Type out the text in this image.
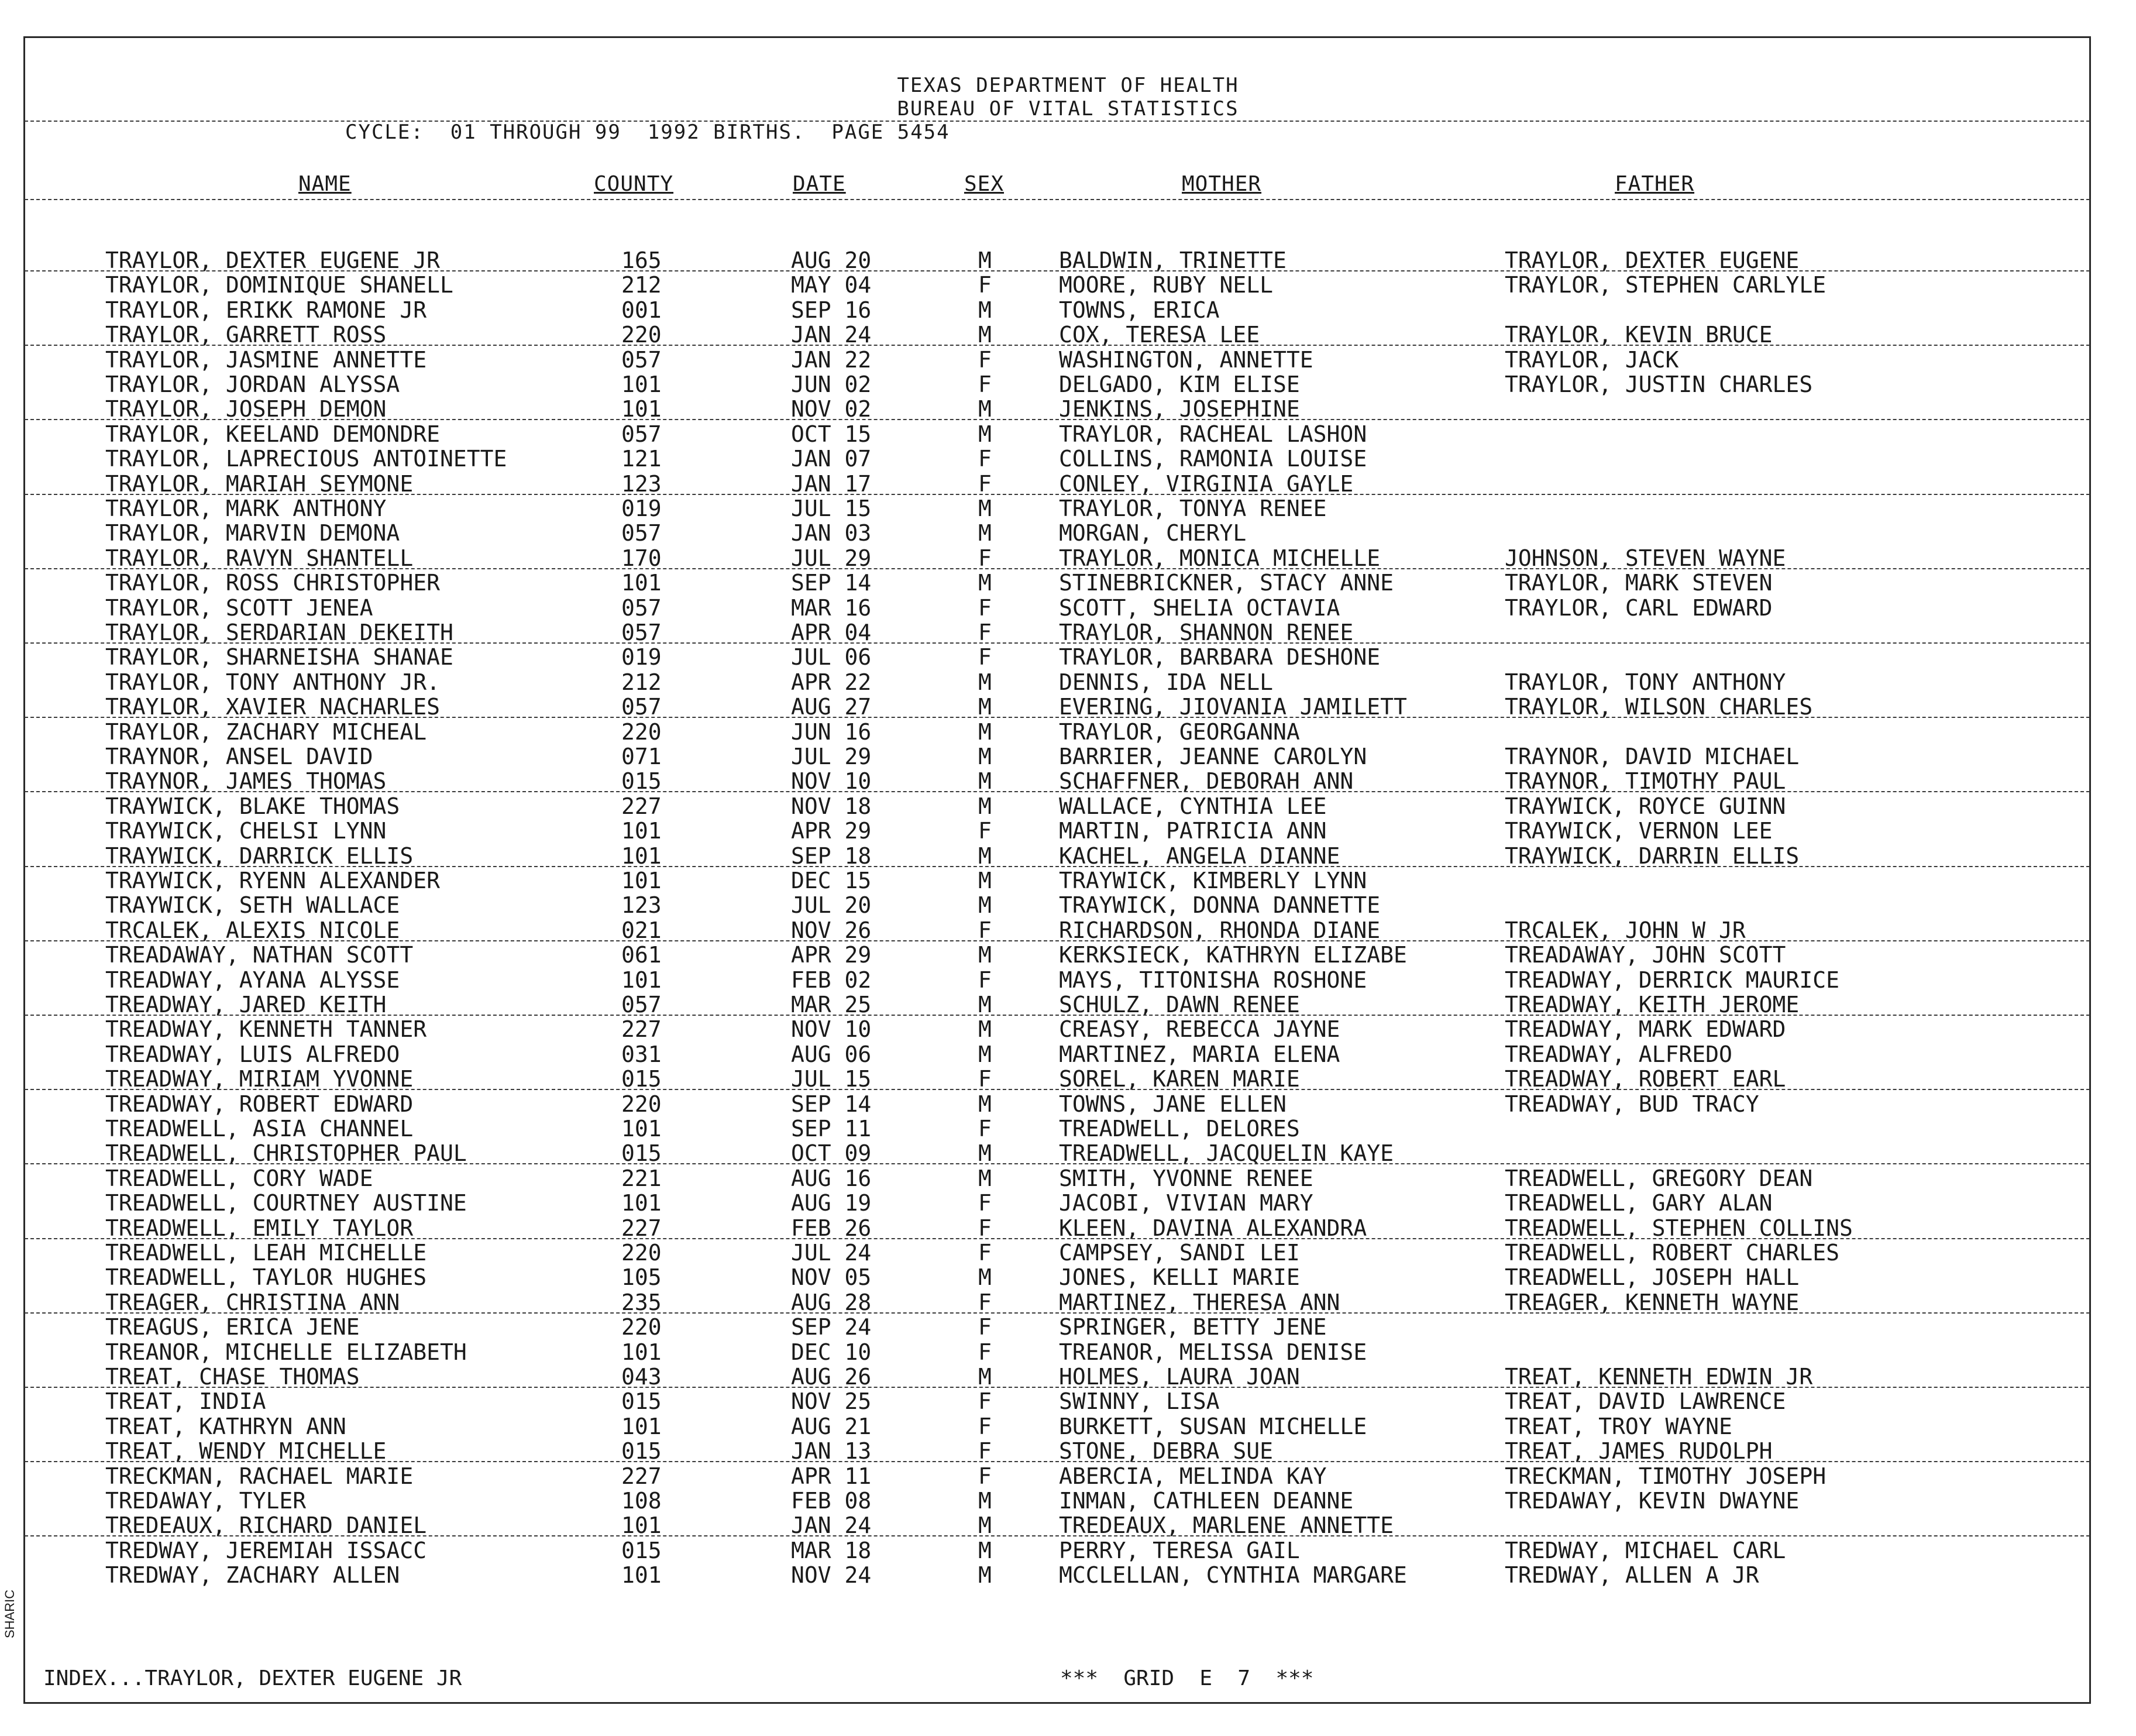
TEXAS DEPARTMENT OF HEALTH
BUREAU OF VITAL STATISTICS
CYCLE:  01 THROUGH 99  1992 BIRTHS.  PAGE 5454
NAME	COUNTY	DATE	SEX	MOTHER	FATHER
TRAYLOR, DEXTER EUGENE JR	165	AUG 20	M	BALDWIN, TRINETTE	TRAYLOR, DEXTER EUGENE
TRAYLOR, DOMINIQUE SHANELL	212	MAY 04	F	MOORE, RUBY NELL	TRAYLOR, STEPHEN CARLYLE
TRAYLOR, ERIKK RAMONE JR	001	SEP 16	M	TOWNS, ERICA
TRAYLOR, GARRETT ROSS	220	JAN 24	M	COX, TERESA LEE	TRAYLOR, KEVIN BRUCE
TRAYLOR, JASMINE ANNETTE	057	JAN 22	F	WASHINGTON, ANNETTE	TRAYLOR, JACK
TRAYLOR, JORDAN ALYSSA	101	JUN 02	F	DELGADO, KIM ELISE	TRAYLOR, JUSTIN CHARLES
TRAYLOR, JOSEPH DEMON	101	NOV 02	M	JENKINS, JOSEPHINE
TRAYLOR, KEELAND DEMONDRE	057	OCT 15	M	TRAYLOR, RACHEAL LASHON
TRAYLOR, LAPRECIOUS ANTOINETTE	121	JAN 07	F	COLLINS, RAMONIA LOUISE
TRAYLOR, MARIAH SEYMONE	123	JAN 17	F	CONLEY, VIRGINIA GAYLE
TRAYLOR, MARK ANTHONY	019	JUL 15	M	TRAYLOR, TONYA RENEE
TRAYLOR, MARVIN DEMONA	057	JAN 03	M	MORGAN, CHERYL
TRAYLOR, RAVYN SHANTELL	170	JUL 29	F	TRAYLOR, MONICA MICHELLE	JOHNSON, STEVEN WAYNE
TRAYLOR, ROSS CHRISTOPHER	101	SEP 14	M	STINEBRICKNER, STACY ANNE	TRAYLOR, MARK STEVEN
TRAYLOR, SCOTT JENEA	057	MAR 16	F	SCOTT, SHELIA OCTAVIA	TRAYLOR, CARL EDWARD
TRAYLOR, SERDARIAN DEKEITH	057	APR 04	F	TRAYLOR, SHANNON RENEE
TRAYLOR, SHARNEISHA SHANAE	019	JUL 06	F	TRAYLOR, BARBARA DESHONE
TRAYLOR, TONY ANTHONY JR.	212	APR 22	M	DENNIS, IDA NELL	TRAYLOR, TONY ANTHONY
TRAYLOR, XAVIER NACHARLES	057	AUG 27	M	EVERING, JIOVANIA JAMILETT	TRAYLOR, WILSON CHARLES
TRAYLOR, ZACHARY MICHEAL	220	JUN 16	M	TRAYLOR, GEORGANNA
TRAYNOR, ANSEL DAVID	071	JUL 29	M	BARRIER, JEANNE CAROLYN	TRAYNOR, DAVID MICHAEL
TRAYNOR, JAMES THOMAS	015	NOV 10	M	SCHAFFNER, DEBORAH ANN	TRAYNOR, TIMOTHY PAUL
TRAYWICK, BLAKE THOMAS	227	NOV 18	M	WALLACE, CYNTHIA LEE	TRAYWICK, ROYCE GUINN
TRAYWICK, CHELSI LYNN	101	APR 29	F	MARTIN, PATRICIA ANN	TRAYWICK, VERNON LEE
TRAYWICK, DARRICK ELLIS	101	SEP 18	M	KACHEL, ANGELA DIANNE	TRAYWICK, DARRIN ELLIS
TRAYWICK, RYENN ALEXANDER	101	DEC 15	M	TRAYWICK, KIMBERLY LYNN
TRAYWICK, SETH WALLACE	123	JUL 20	M	TRAYWICK, DONNA DANNETTE
TRCALEK, ALEXIS NICOLE	021	NOV 26	F	RICHARDSON, RHONDA DIANE	TRCALEK, JOHN W JR
TREADAWAY, NATHAN SCOTT	061	APR 29	M	KERKSIECK, KATHRYN ELIZABE	TREADAWAY, JOHN SCOTT
TREADWAY, AYANA ALYSSE	101	FEB 02	F	MAYS, TITONISHA ROSHONE	TREADWAY, DERRICK MAURICE
TREADWAY, JARED KEITH	057	MAR 25	M	SCHULZ, DAWN RENEE	TREADWAY, KEITH JEROME
TREADWAY, KENNETH TANNER	227	NOV 10	M	CREASY, REBECCA JAYNE	TREADWAY, MARK EDWARD
TREADWAY, LUIS ALFREDO	031	AUG 06	M	MARTINEZ, MARIA ELENA	TREADWAY, ALFREDO
TREADWAY, MIRIAM YVONNE	015	JUL 15	F	SOREL, KAREN MARIE	TREADWAY, ROBERT EARL
TREADWAY, ROBERT EDWARD	220	SEP 14	M	TOWNS, JANE ELLEN	TREADWAY, BUD TRACY
TREADWELL, ASIA CHANNEL	101	SEP 11	F	TREADWELL, DELORES
TREADWELL, CHRISTOPHER PAUL	015	OCT 09	M	TREADWELL, JACQUELIN KAYE
TREADWELL, CORY WADE	221	AUG 16	M	SMITH, YVONNE RENEE	TREADWELL, GREGORY DEAN
TREADWELL, COURTNEY AUSTINE	101	AUG 19	F	JACOBI, VIVIAN MARY	TREADWELL, GARY ALAN
TREADWELL, EMILY TAYLOR	227	FEB 26	F	KLEEN, DAVINA ALEXANDRA	TREADWELL, STEPHEN COLLINS
TREADWELL, LEAH MICHELLE	220	JUL 24	F	CAMPSEY, SANDI LEI	TREADWELL, ROBERT CHARLES
TREADWELL, TAYLOR HUGHES	105	NOV 05	M	JONES, KELLI MARIE	TREADWELL, JOSEPH HALL
TREAGER, CHRISTINA ANN	235	AUG 28	F	MARTINEZ, THERESA ANN	TREAGER, KENNETH WAYNE
TREAGUS, ERICA JENE	220	SEP 24	F	SPRINGER, BETTY JENE
TREANOR, MICHELLE ELIZABETH	101	DEC 10	F	TREANOR, MELISSA DENISE
TREAT, CHASE THOMAS	043	AUG 26	M	HOLMES, LAURA JOAN	TREAT, KENNETH EDWIN JR
TREAT, INDIA	015	NOV 25	F	SWINNY, LISA	TREAT, DAVID LAWRENCE
TREAT, KATHRYN ANN	101	AUG 21	F	BURKETT, SUSAN MICHELLE	TREAT, TROY WAYNE
TREAT, WENDY MICHELLE	015	JAN 13	F	STONE, DEBRA SUE	TREAT, JAMES RUDOLPH
TRECKMAN, RACHAEL MARIE	227	APR 11	F	ABERCIA, MELINDA KAY	TRECKMAN, TIMOTHY JOSEPH
TREDAWAY, TYLER	108	FEB 08	M	INMAN, CATHLEEN DEANNE	TREDAWAY, KEVIN DWAYNE
TREDEAUX, RICHARD DANIEL	101	JAN 24	M	TREDEAUX, MARLENE ANNETTE
TREDWAY, JEREMIAH ISSACC	015	MAR 18	M	PERRY, TERESA GAIL	TREDWAY, MICHAEL CARL
TREDWAY, ZACHARY ALLEN	101	NOV 24	M	MCCLELLAN, CYNTHIA MARGARE	TREDWAY, ALLEN A JR
INDEX...TRAYLOR, DEXTER EUGENE JR	***  GRID  E  7  ***
SHARIC
